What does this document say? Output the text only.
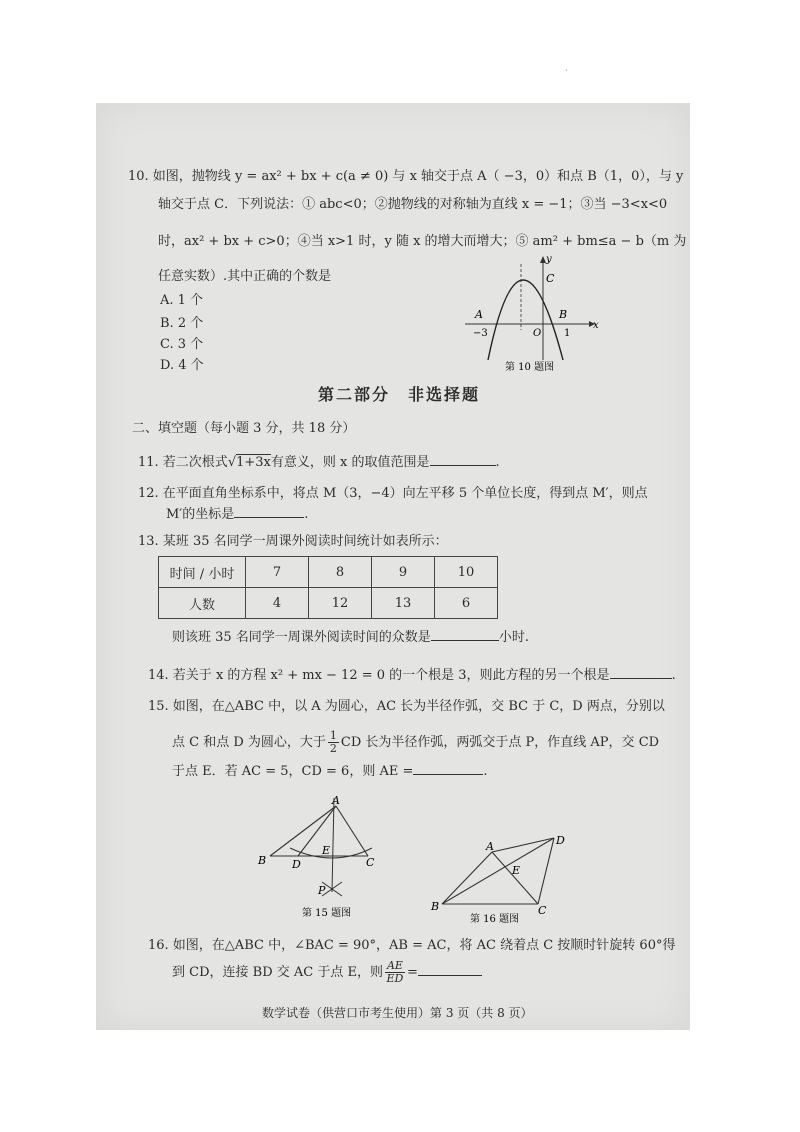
·
10. 如图，抛物线 y = ax² + bx + c(a ≠ 0) 与 x 轴交于点 A（ −3，0）和点 B（1，0），与 y
轴交于点 C．下列说法：① abc<0；②抛物线的对称轴为直线 x = −1；③当 −3<x<0
时，ax² + bx + c>0；④当 x>1 时，y 随 x 的增大而增大；⑤ am² + bm≤a − b（m 为
任意实数）.其中正确的个数是
A. 1 个
B. 2 个
C. 3 个
D. 4 个
y
x
C
A	B
O
−3	1
第 10 题图
第二部分　非选择题
二、填空题（每小题 3 分，共 18 分）
11. 若二次根式√1+3x有意义，则 x 的取值范围是	.
12. 在平面直角坐标系中，将点 M（3，−4）向左平移 5 个单位长度，得到点 M′，则点
M′的坐标是	.
13. 某班 35 名同学一周课外阅读时间统计如表所示：
时间 / 小时	7	8	9	10
人数	4	12	13	6
则该班 35 名同学一周课外阅读时间的众数是	小时.
14. 若关于 x 的方程 x² + mx − 12 = 0 的一个根是 3，则此方程的另一个根是	.
15. 如图，在△ABC 中，以 A 为圆心，AC 长为半径作弧，交 BC 于 C，D 两点，分别以
点 C 和点 D 为圆心，大于 $\frac{1}{2}$ CD 长为半径作弧，两弧交于点 P，作直线 AP，交 CD
于点 E．若 AC = 5，CD = 6，则 AE =	.
A
B	C
D
E
P
第 15 题图
A
B	C
D
E
第 16 题图
16. 如图，在△ABC 中，∠BAC = 90°，AB = AC，将 AC 绕着点 C 按顺时针旋转 60°得
到 CD，连接 BD 交 AC 于点 E，则 $\frac{AE}{ED}$ =
数学试卷（供营口市考生使用）第 3 页（共 8 页）
